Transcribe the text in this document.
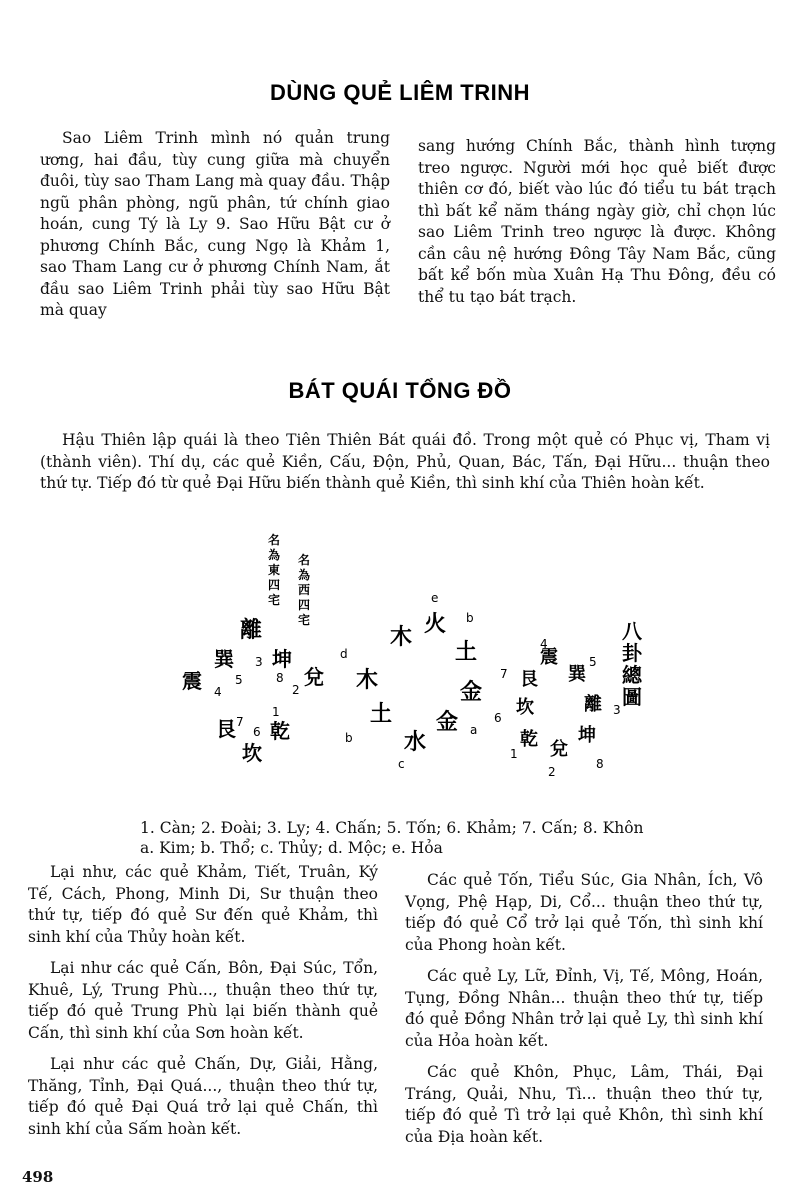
DÙNG QUẺ LIÊM TRINH

Sao Liêm Trinh mình nó quản trung ương, hai đầu, tùy cung giữa mà chuyển đuôi, tùy sao Tham Lang mà quay đầu. Thập ngũ phân phòng, ngũ phân, tứ chính giao hoán, cung Tý là Ly 9. Sao Hữu Bật cư ở phương Chính Bắc, cung Ngọ là Khảm 1, sao Tham Lang cư ở phương Chính Nam, ắt đầu sao Liêm Trinh phải tùy sao Hữu Bật mà quay

sang hướng Chính Bắc, thành hình tượng treo ngược. Người mới học quẻ biết được thiên cơ đó, biết vào lúc đó tiểu tu bát trạch thì bất kể năm tháng ngày giờ, chỉ chọn lúc sao Liêm Trinh treo ngược là được. Không cần câu nệ hướng Đông Tây Nam Bắc, cũng bất kể bốn mùa Xuân Hạ Thu Đông, đều có thể tu tạo bát trạch.

BÁT QUÁI TỔNG ĐỒ

Hậu Thiên lập quái là theo Tiên Thiên Bát quái đồ. Trong một quẻ có Phục vị, Tham vị (thành viên). Thí dụ, các quẻ Kiền, Cấu, Độn, Phủ, Quan, Bác, Tấn, Đại Hữu... thuận theo thứ tự. Tiếp đó từ quẻ Đại Hữu biến thành quẻ Kiền, thì sinh khí của Thiên hoàn kết.

名為東四宅
名為西四宅
離
巽
震
坤
兌
艮
坎
乾
3
5
4
8
2
7
6
1
木 火
土
金
金
水
土
木
e
b
d
a
b
c
八卦總圖
震
巽
離
坤
兌
乾
坎
艮
4
5
7
3
6
1
2
8
1. Càn; 2. Đoài; 3. Ly; 4. Chấn; 5. Tốn; 6. Khảm; 7. Cấn; 8. Khôn
a. Kim; b. Thổ; c. Thủy; d. Mộc; e. Hỏa

Lại như, các quẻ Khảm, Tiết, Truân, Ký Tế, Cách, Phong, Minh Di, Sư thuận theo thứ tự, tiếp đó quẻ Sư đến quẻ Khảm, thì sinh khí của Thủy hoàn kết.

Lại như các quẻ Cấn, Bôn, Đại Súc, Tổn, Khuê, Lý, Trung Phù..., thuận theo thứ tự, tiếp đó quẻ Trung Phù lại biến thành quẻ Cấn, thì sinh khí của Sơn hoàn kết.

Lại như các quẻ Chấn, Dự, Giải, Hằng, Thăng, Tỉnh, Đại Quá..., thuận theo thứ tự, tiếp đó quẻ Đại Quá trở lại quẻ Chấn, thì sinh khí của Sấm hoàn kết.

Các quẻ Tốn, Tiểu Súc, Gia Nhân, Ích, Vô Vọng, Phệ Hạp, Di, Cổ... thuận theo thứ tự, tiếp đó quẻ Cổ trở lại quẻ Tốn, thì sinh khí của Phong hoàn kết.

Các quẻ Ly, Lữ, Đỉnh, Vị, Tế, Mông, Hoán, Tụng, Đồng Nhân... thuận theo thứ tự, tiếp đó quẻ Đồng Nhân trở lại quẻ Ly, thì sinh khí của Hỏa hoàn kết.

Các quẻ Khôn, Phục, Lâm, Thái, Đại Tráng, Quải, Nhu, Tì... thuận theo thứ tự, tiếp đó quẻ Tì trở lại quẻ Khôn, thì sinh khí của Địa hoàn kết.

498
